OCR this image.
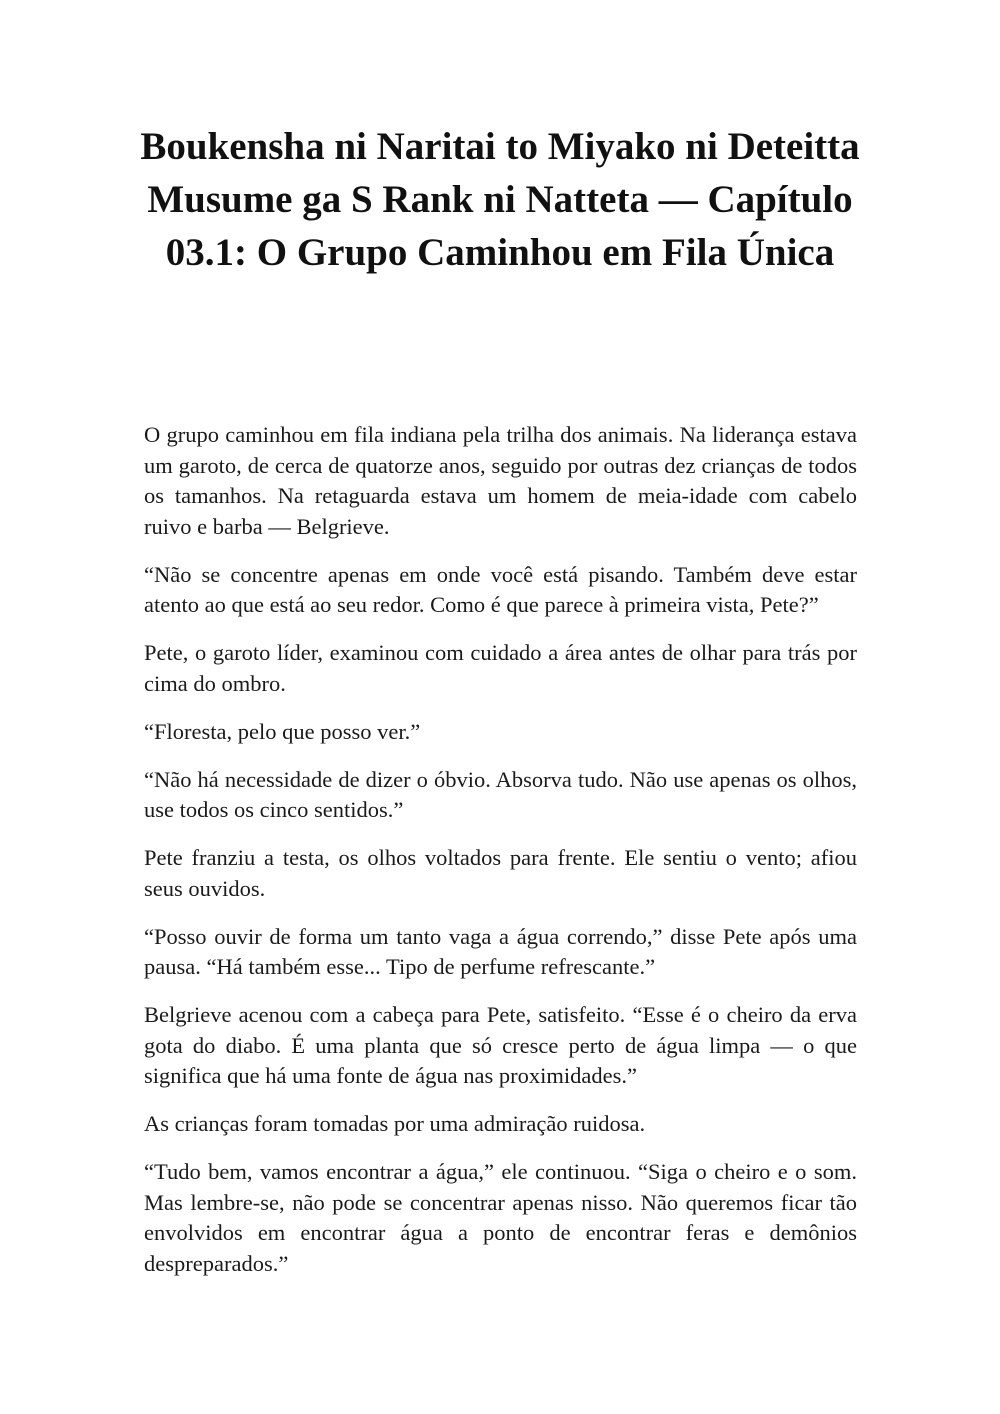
Boukensha ni Naritai to Miyako ni Deteitta Musume ga S Rank ni Natteta — Capítulo 03.1: O Grupo Caminhou em Fila Única

O grupo caminhou em fila indiana pela trilha dos animais. Na liderança estava um garoto, de cerca de quatorze anos, seguido por outras dez crianças de todos os tamanhos. Na retaguarda estava um homem de meia-idade com cabelo ruivo e barba — Belgrieve.

“Não se concentre apenas em onde você está pisando. Também deve estar atento ao que está ao seu redor. Como é que parece à primeira vista, Pete?”

Pete, o garoto líder, examinou com cuidado a área antes de olhar para trás por cima do ombro.

“Floresta, pelo que posso ver.”

“Não há necessidade de dizer o óbvio. Absorva tudo. Não use apenas os olhos, use todos os cinco sentidos.”

Pete franziu a testa, os olhos voltados para frente. Ele sentiu o vento; afiou seus ouvidos.

“Posso ouvir de forma um tanto vaga a água correndo,” disse Pete após uma pausa. “Há também esse... Tipo de perfume refrescante.”

Belgrieve acenou com a cabeça para Pete, satisfeito. “Esse é o cheiro da erva gota do diabo. É uma planta que só cresce perto de água limpa — o que significa que há uma fonte de água nas proximidades.”

As crianças foram tomadas por uma admiração ruidosa.

“Tudo bem, vamos encontrar a água,” ele continuou. “Siga o cheiro e o som. Mas lembre-se, não pode se concentrar apenas nisso. Não queremos ficar tão envolvidos em encontrar água a ponto de encontrar feras e demônios despreparados.”
